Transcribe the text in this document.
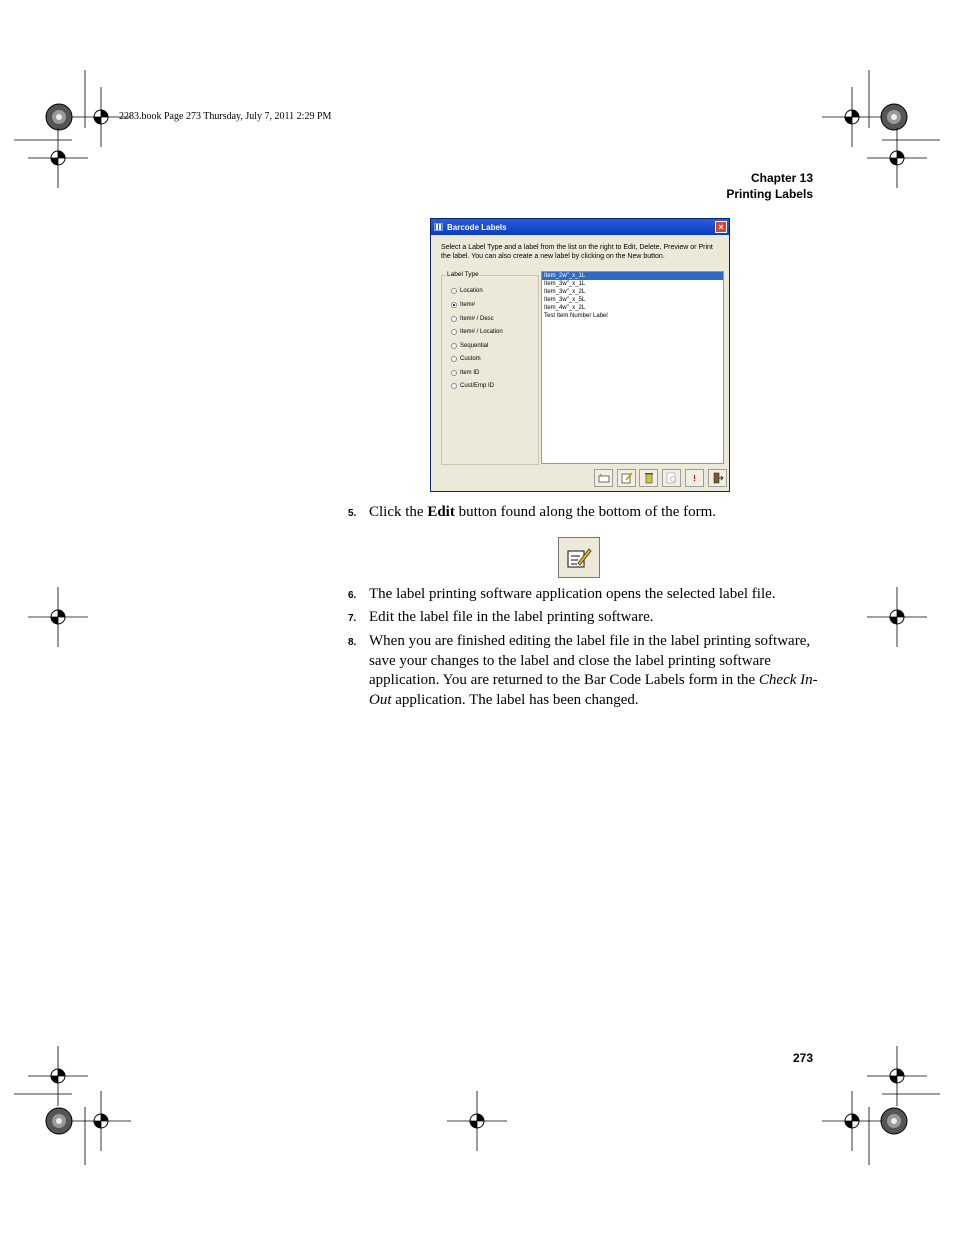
2283.book Page 273 Thursday, July 7, 2011 2:29 PM
Chapter 13
Printing Labels
Barcode Labels	×
Select a Label Type and a label from the list on the right to Edit, Delete, Preview or Print the label. You can also create a new label by clicking on the New button.
Label Type
Location
Item#
Item# / Desc
Item# / Location
Sequential
Custom
Item ID
Cust/Emp ID
Item_2w"_x_1L
Item_3w"_x_1L
Item_3w"_x_2L
Item_3w"_x_5L
Item_4w"_x_2L
Test Item Number Label
!
5. Click the Edit button found along the bottom of the form.
6. The label printing software application opens the selected label file.
7. Edit the label file in the label printing software.
8. When you are finished editing the label file in the label printing software, save your changes to the label and close the label printing software application. You are returned to the Bar Code Labels form in the Check In-Out application. The label has been changed.
273
